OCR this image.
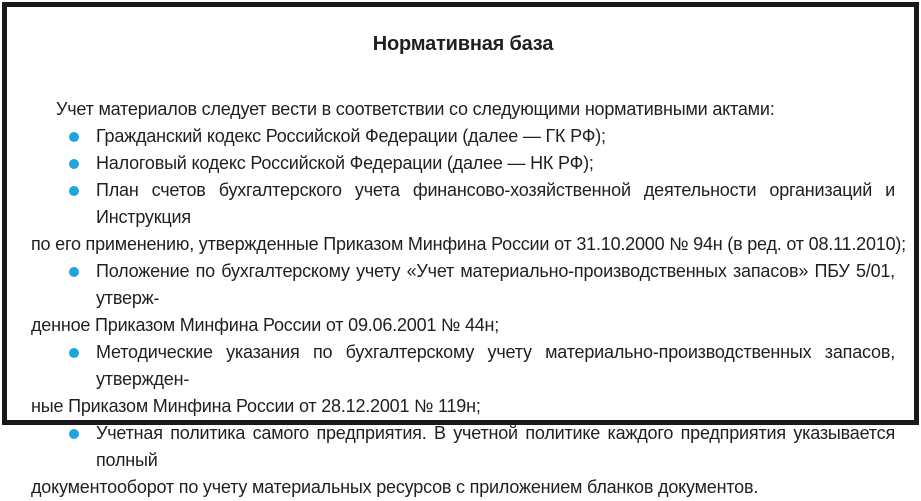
Нормативная база

Учет материалов следует вести в соответствии со следующими нормативными актами:

Гражданский кодекс Российской Федерации (далее — ГК РФ);
Налоговый кодекс Российской Федерации (далее — НК РФ);
План счетов бухгалтерского учета финансово-хозяйственной деятельности организаций и Инструкция
по его применению, утвержденные Приказом Минфина России от 31.10.2000 № 94н (в ред. от 08.11.2010);
Положение по бухгалтерскому учету «Учет материально-производственных запасов» ПБУ 5/01, утверж-
денное Приказом Минфина России от 09.06.2001 № 44н;
Методические указания по бухгалтерскому учету материально-производственных запасов, утвержден-
ные Приказом Минфина России от 28.12.2001 № 119н;
Учетная политика самого предприятия. В учетной политике каждого предприятия указывается полный
документооборот по учету материальных ресурсов с приложением бланков документов.
